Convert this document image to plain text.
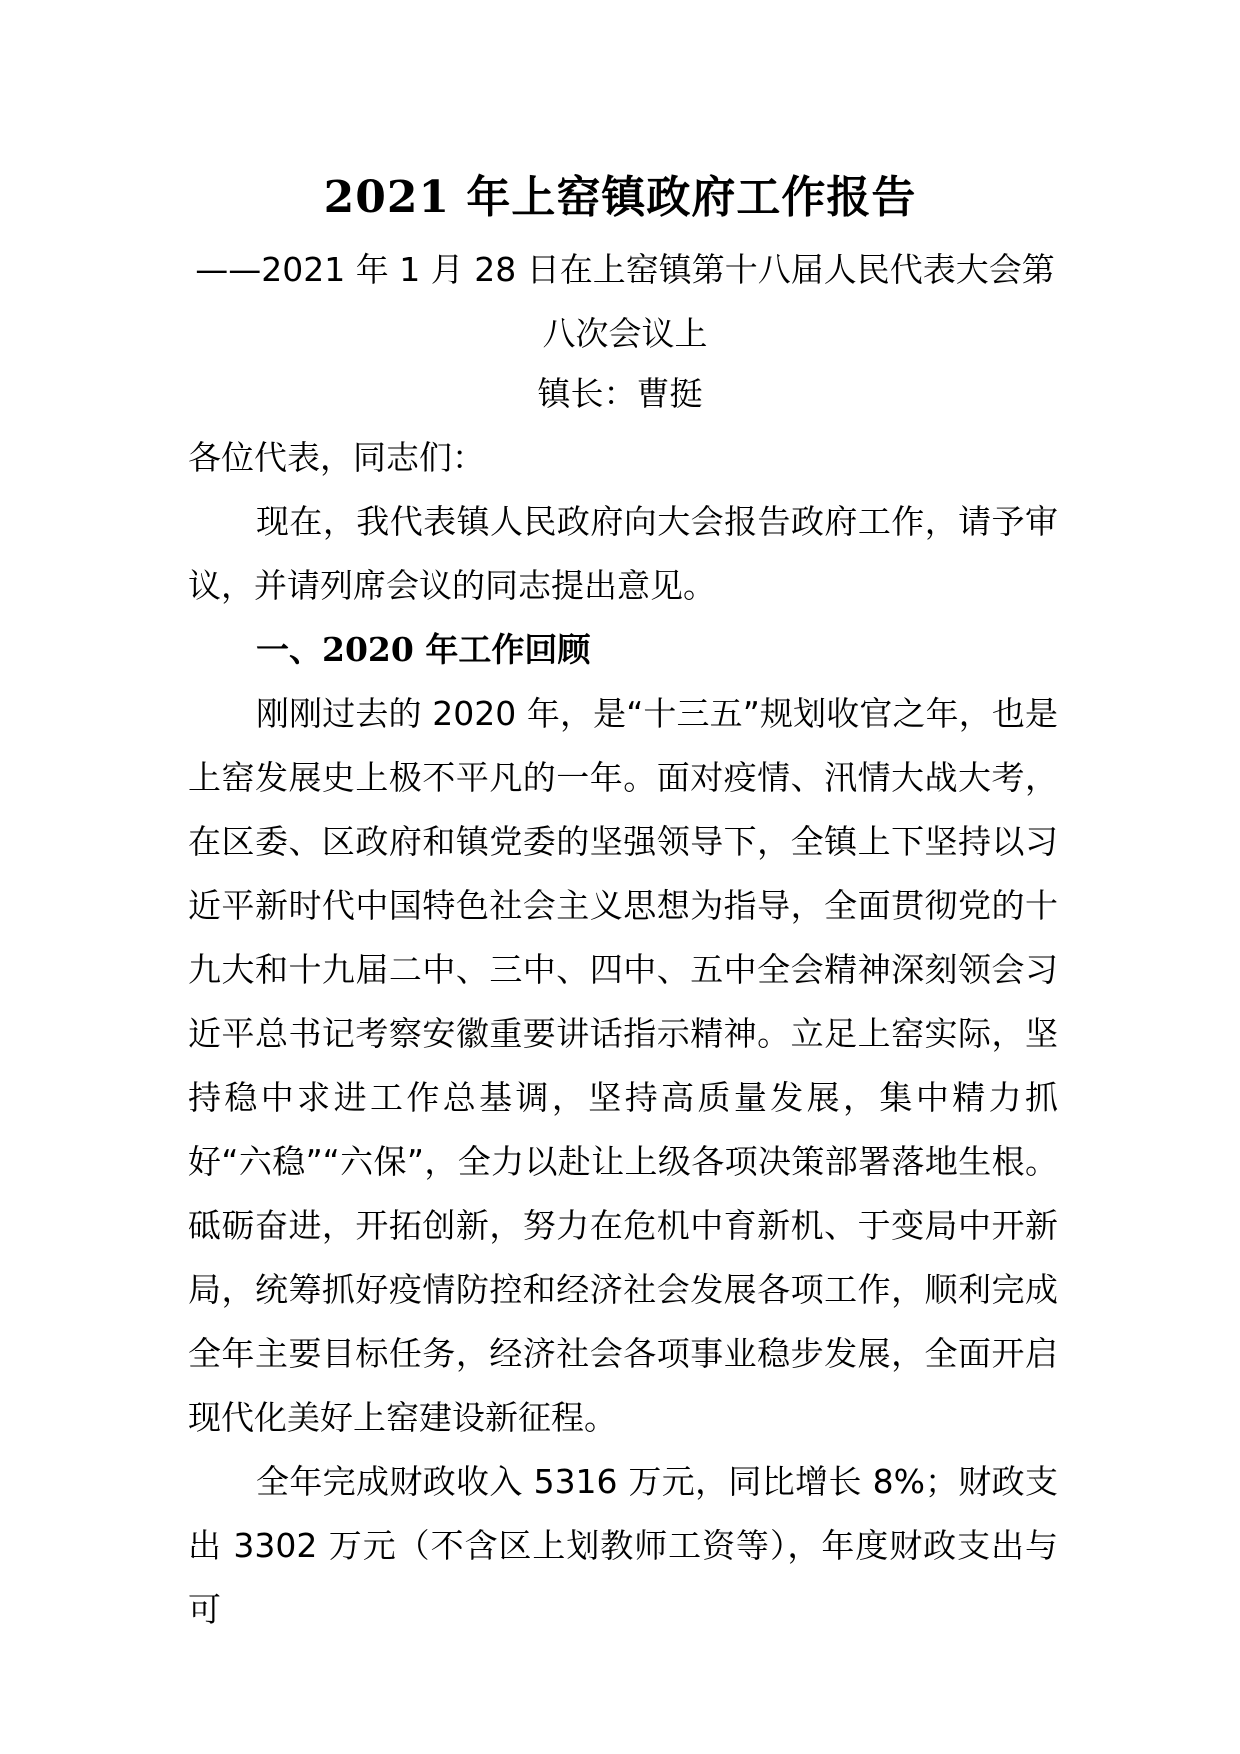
2021 年上窑镇政府工作报告
——2021 年 1 月 28 日在上窑镇第十八届人民代表大会第八次会议上
镇长：曹挺

各位代表，同志们：

现在，我代表镇人民政府向大会报告政府工作，请予审议，并请列席会议的同志提出意见。

一、2020 年工作回顾

刚刚过去的 2020 年，是“十三五”规划收官之年，也是上窑发展史上极不平凡的一年。面对疫情、汛情大战大考，在区委、区政府和镇党委的坚强领导下，全镇上下坚持以习近平新时代中国特色社会主义思想为指导，全面贯彻党的十九大和十九届二中、三中、四中、五中全会精神深刻领会习近平总书记考察安徽重要讲话指示精神。立足上窑实际，坚持稳中求进工作总基调，坚持高质量发展，集中精力抓好“六稳”“六保”，全力以赴让上级各项决策部署落地生根。砥砺奋进，开拓创新，努力在危机中育新机、于变局中开新局，统筹抓好疫情防控和经济社会发展各项工作，顺利完成全年主要目标任务，经济社会各项事业稳步发展，全面开启现代化美好上窑建设新征程。

全年完成财政收入 5316 万元，同比增长 8%；财政支出 3302 万元（不含区上划教师工资等），年度财政支出与可
